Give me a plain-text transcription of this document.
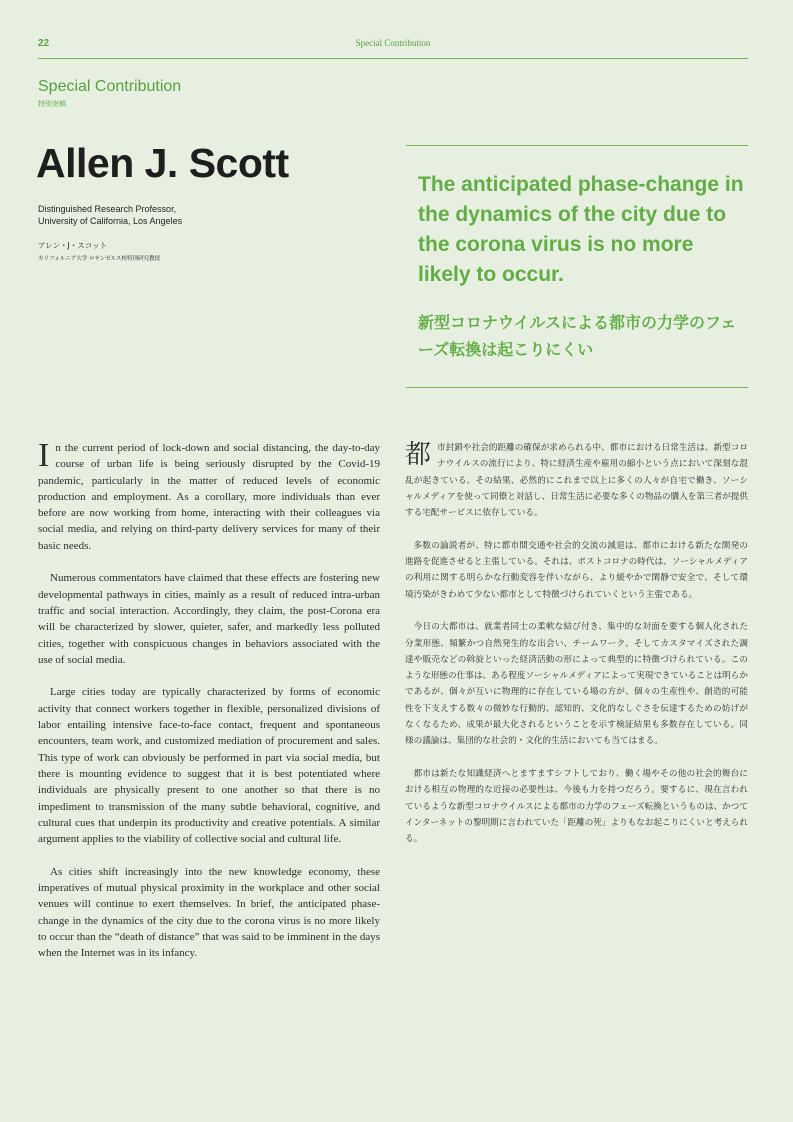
22	Special Contribution
Special Contribution
特別寄稿
Allen J. Scott
Distinguished Research Professor,
University of California, Los Angeles
アレン・J・スコット
カリフォルニア大学 ロサンゼルス校特別研究教授

The anticipated phase-change in the dynamics of the city due to the corona virus is no more likely to occur.

新型コロナウイルスによる都市の力学のフェーズ転換は起こりにくい

In the current period of lock-down and social distancing, the day-to-day course of urban life is being seriously disrupted by the Covid-19 pandemic, particularly in the matter of reduced levels of economic production and employment. As a corollary, more individuals than ever before are now working from home, interacting with their colleagues via social media, and relying on third-party delivery services for many of their basic needs.

Numerous commentators have claimed that these effects are fostering new developmental pathways in cities, mainly as a result of reduced intra-urban traffic and social interaction. Accordingly, they claim, the post-Corona era will be characterized by slower, quieter, safer, and markedly less polluted cities, together with conspicuous changes in behaviors associated with the use of social media.

Large cities today are typically characterized by forms of economic activity that connect workers together in flexible, personalized divisions of labor entailing intensive face-to-face contact, frequent and spontaneous encounters, team work, and customized mediation of procurement and sales. This type of work can obviously be performed in part via social media, but there is mounting evidence to suggest that it is best potentiated where individuals are physically present to one another so that there is no impediment to transmission of the many subtle behavioral, cognitive, and cultural cues that underpin its productivity and creative potentials. A similar argument applies to the viability of collective social and cultural life.

As cities shift increasingly into the new knowledge economy, these imperatives of mutual physical proximity in the workplace and other social venues will continue to exert themselves. In brief, the anticipated phase-change in the dynamics of the city due to the corona virus is no more likely to occur than the “death of distance” that was said to be imminent in the days when the Internet was in its infancy.

都市封鎖や社会的距離の確保が求められる中、都市における日常生活は、新型コロナウイルスの流行により、特に経済生産や雇用の縮小という点において深刻な混乱が起きている。その結果、必然的にこれまで以上に多くの人々が自宅で働き、ソーシャルメディアを使って同僚と対話し、日常生活に必要な多くの物品の購入を第三者が提供する宅配サービスに依存している。

多数の論説者が、特に都市間交通や社会的交流の減退は、都市における新たな開発の進路を促進させると主張している。それは、ポストコロナの時代は、ソーシャルメディアの利用に関する明らかな行動変容を伴いながら、より緩やかで閑静で安全で、そして環境汚染がきわめて少ない都市として特徴づけられていくという主張である。

今日の大都市は、就業者同士の柔軟な結び付き、集中的な対面を要する個人化された分業形態、頻繁かつ自然発生的な出会い、チームワーク、そしてカスタマイズされた調達や販売などの斡旋といった経済活動の形によって典型的に特徴づけられている。このような形態の仕事は、ある程度ソーシャルメディアによって実現できていることは明らかであるが、個々が互いに物理的に存在している場の方が、個々の生産性や、創造的可能性を下支えする数々の微妙な行動的、認知的、文化的なしぐさを伝達するための妨げがなくなるため、成果が最大化されるということを示す検証結果も多数存在している。同様の議論は、集団的な社会的・文化的生活においても当てはまる。

都市は新たな知識経済へとますますシフトしており、働く場やその他の社会的舞台における相互の物理的な近接の必要性は、今後も力を持つだろう。要するに、現在言われているような新型コロナウイルスによる都市の力学のフェーズ転換というものは、かつてインターネットの黎明期に言われていた「距離の死」よりもなお起こりにくいと考えられる。
